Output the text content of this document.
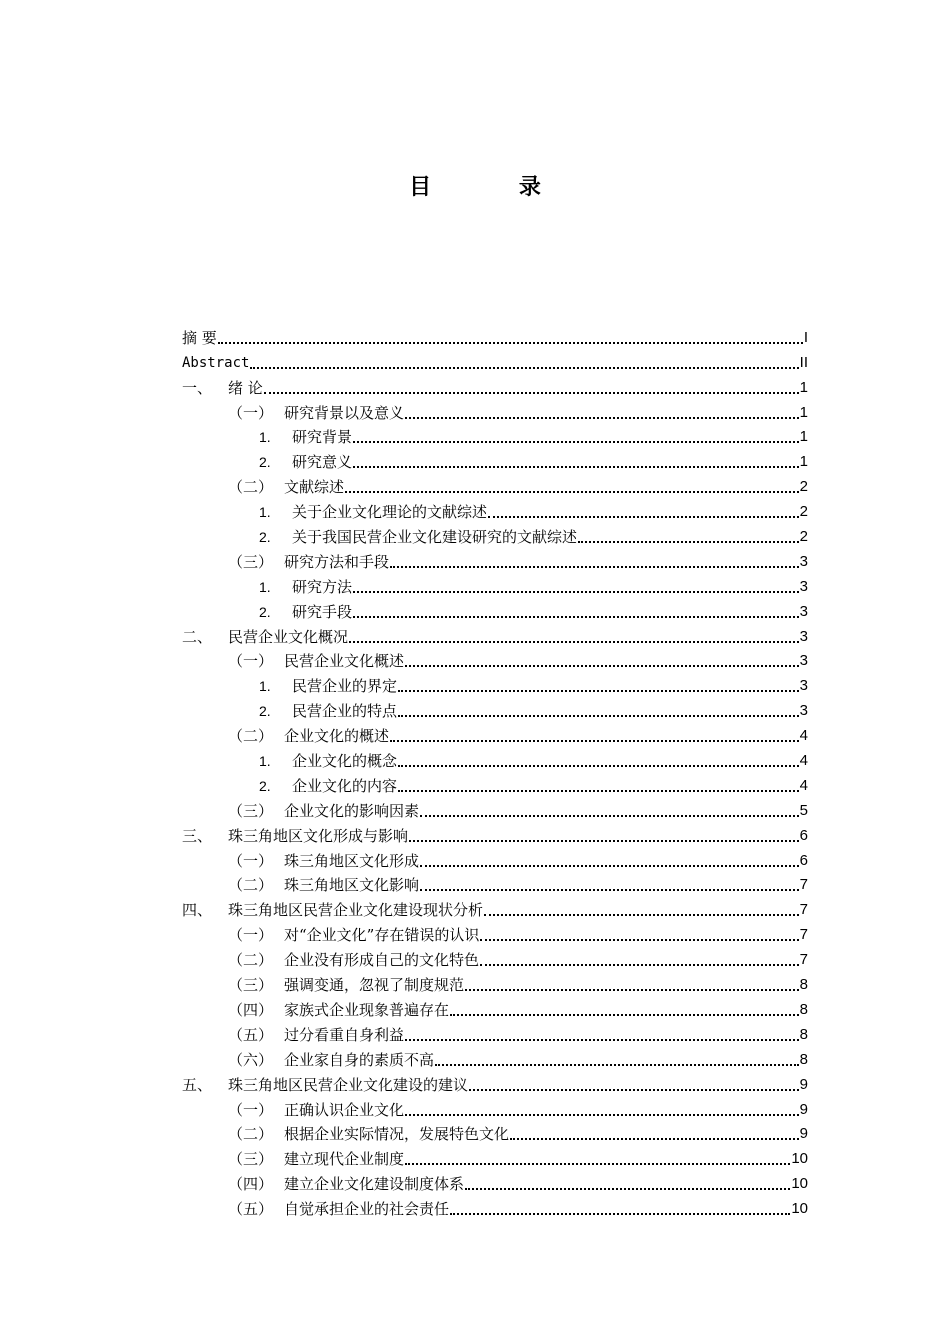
目 录
摘 要	I
Abstract	II
一、	绪 论	1
（一） 研究背景以及意义	1
1.	研究背景	1
2.	研究意义	1
（二） 文献综述	2
1.	关于企业文化理论的文献综述	2
2.	关于我国民营企业文化建设研究的文献综述	2
（三） 研究方法和手段	3
1.	研究方法	3
2.	研究手段	3
二、	民营企业文化概况	3
（一） 民营企业文化概述	3
1.	民营企业的界定	3
2.	民营企业的特点	3
（二） 企业文化的概述	4
1.	企业文化的概念	4
2.	企业文化的内容	4
（三） 企业文化的影响因素	5
三、	珠三角地区文化形成与影响	6
（一） 珠三角地区文化形成	6
（二） 珠三角地区文化影响	7
四、	珠三角地区民营企业文化建设现状分析	7
（一） 对“企业文化”存在错误的认识	7
（二） 企业没有形成自己的文化特色	7
（三） 强调变通，忽视了制度规范	8
（四） 家族式企业现象普遍存在	8
（五） 过分看重自身利益	8
（六） 企业家自身的素质不高	8
五、	珠三角地区民营企业文化建设的建议	9
（一） 正确认识企业文化	9
（二） 根据企业实际情况，发展特色文化	9
（三） 建立现代企业制度	10
（四） 建立企业文化建设制度体系	10
（五） 自觉承担企业的社会责任	10
